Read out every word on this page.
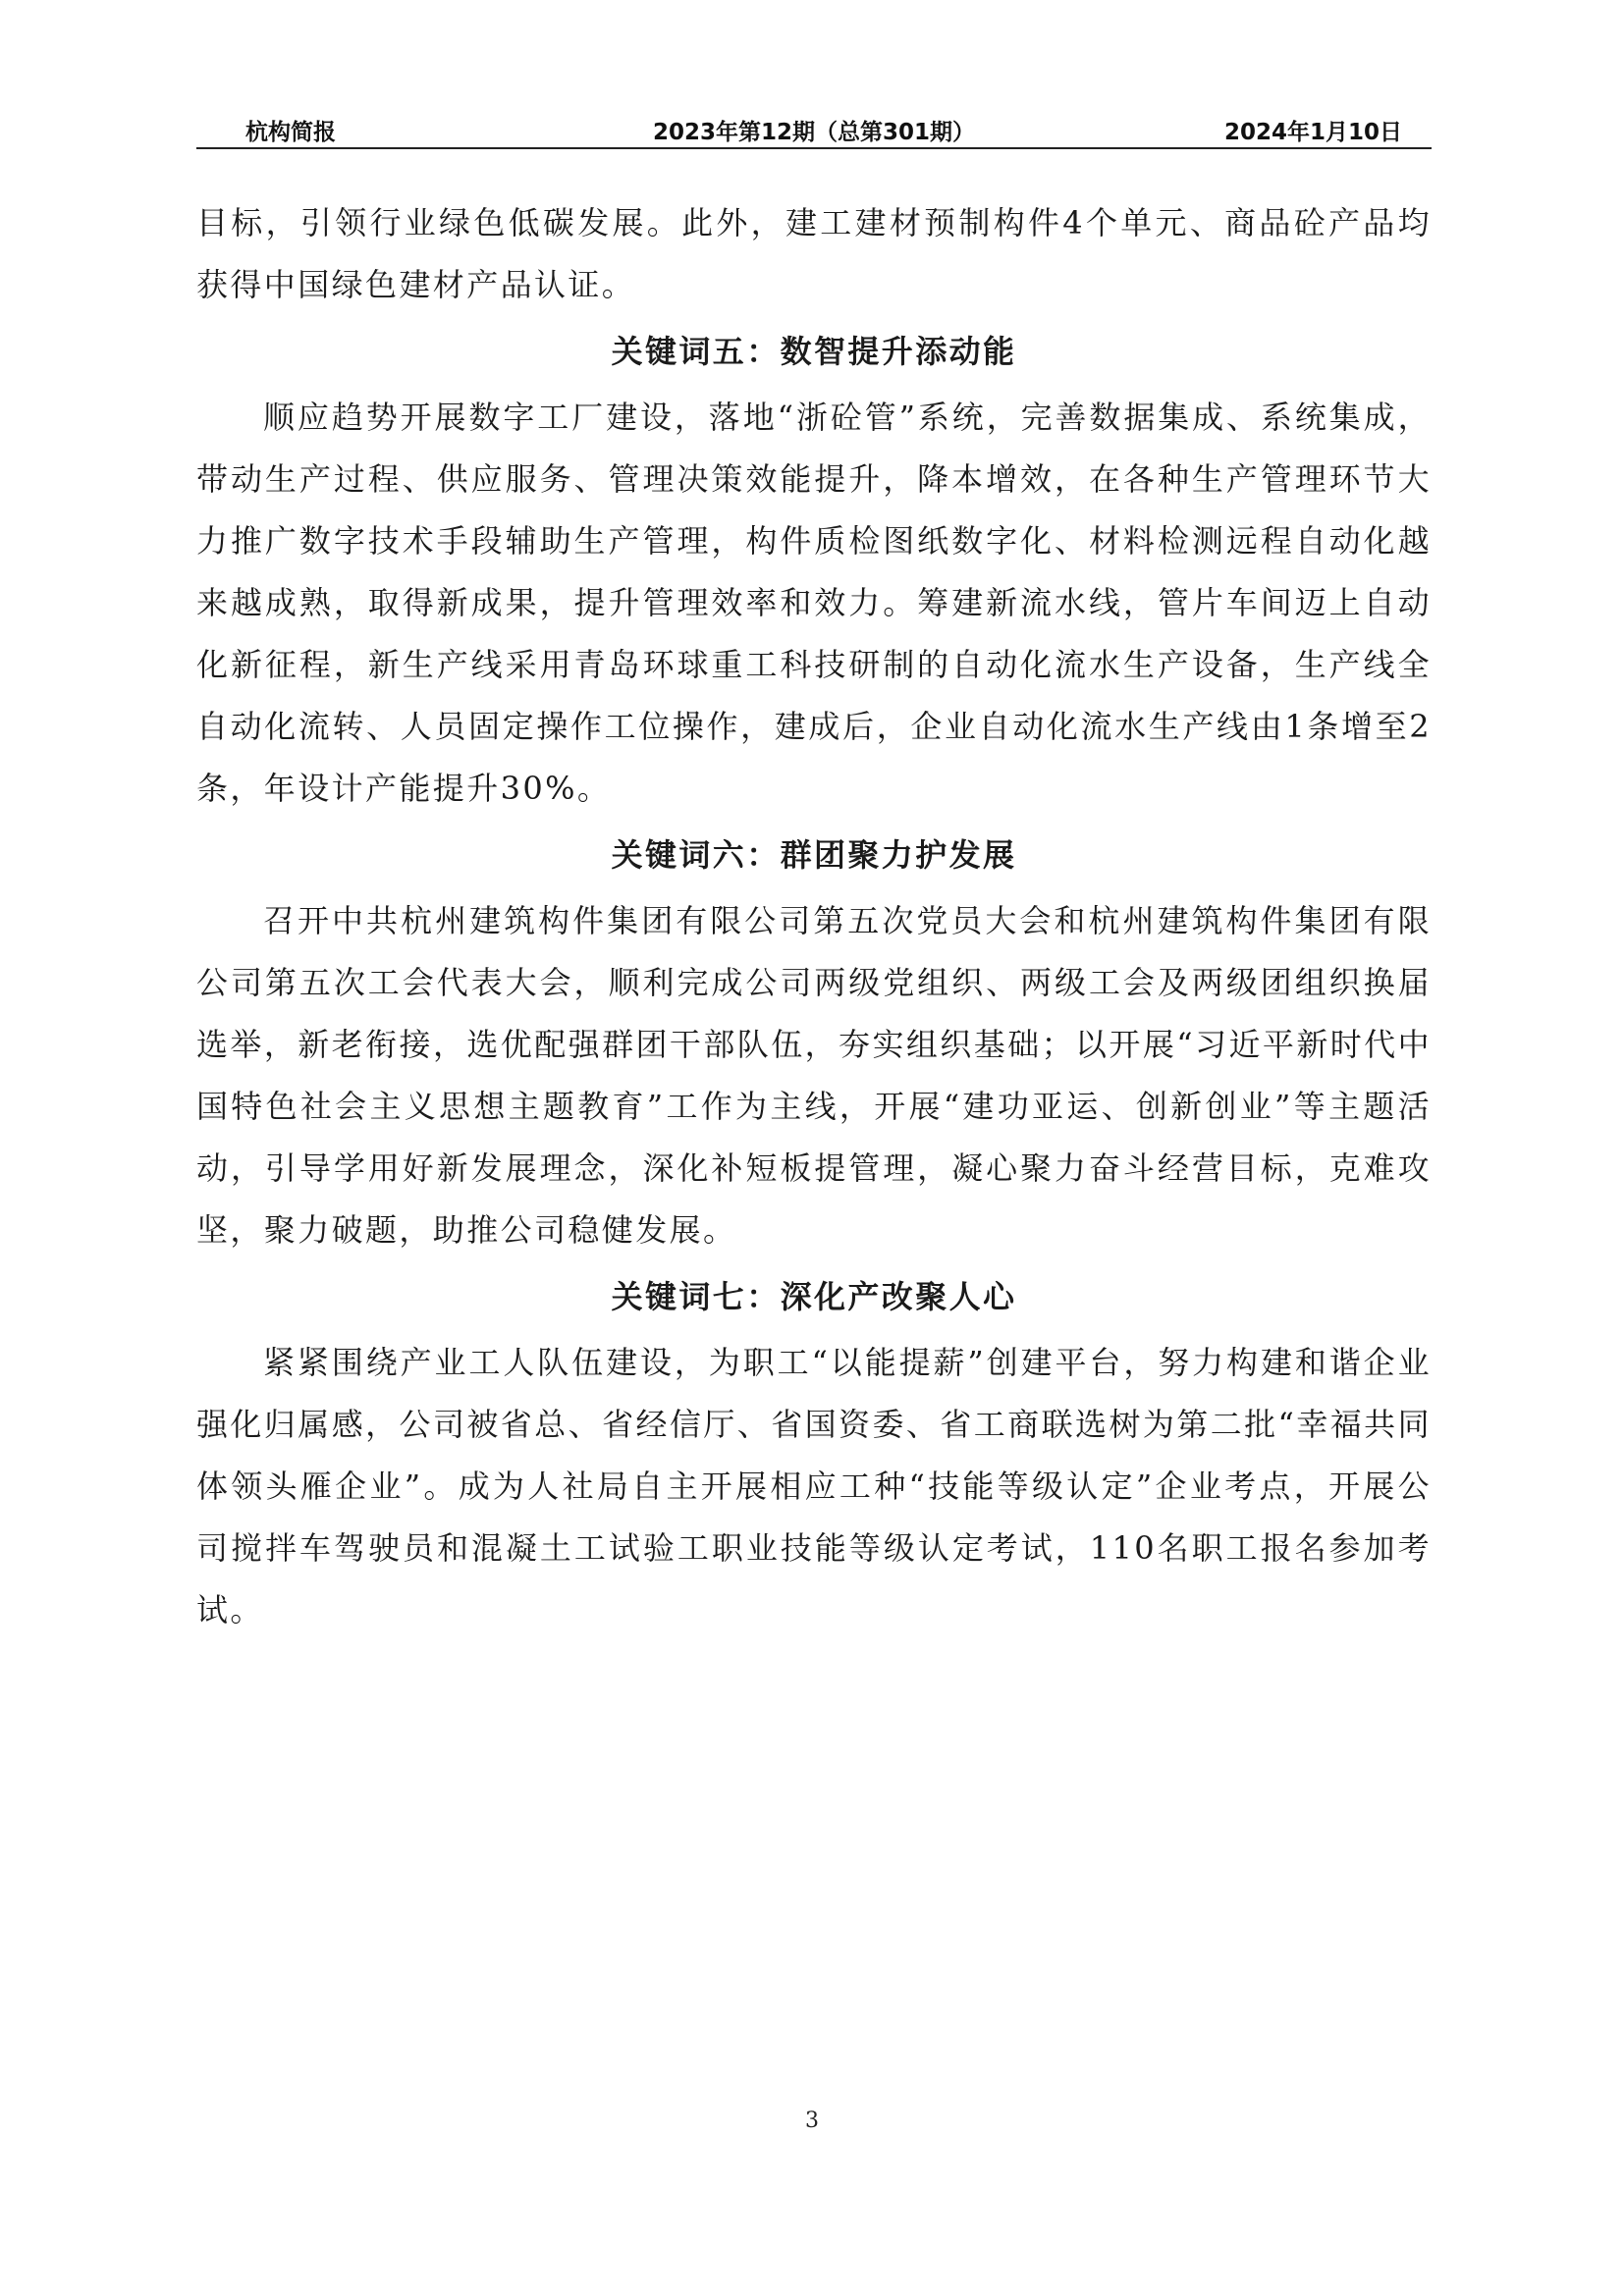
杭构简报	2023年第12期（总第301期）	2024年1月10日

目标，引领行业绿色低碳发展。此外，建工建材预制构件4个单元、商品砼产品均获得中国绿色建材产品认证。

关键词五：数智提升添动能

顺应趋势开展数字工厂建设，落地“浙砼管”系统，完善数据集成、系统集成，带动生产过程、供应服务、管理决策效能提升，降本增效，在各种生产管理环节大力推广数字技术手段辅助生产管理，构件质检图纸数字化、材料检测远程自动化越来越成熟，取得新成果，提升管理效率和效力。筹建新流水线，管片车间迈上自动化新征程，新生产线采用青岛环球重工科技研制的自动化流水生产设备，生产线全自动化流转、人员固定操作工位操作，建成后，企业自动化流水生产线由1条增至2条，年设计产能提升30%。

关键词六：群团聚力护发展

召开中共杭州建筑构件集团有限公司第五次党员大会和杭州建筑构件集团有限公司第五次工会代表大会，顺利完成公司两级党组织、两级工会及两级团组织换届选举，新老衔接，选优配强群团干部队伍，夯实组织基础；以开展“习近平新时代中国特色社会主义思想主题教育”工作为主线，开展“建功亚运、创新创业”等主题活动，引导学用好新发展理念，深化补短板提管理，凝心聚力奋斗经营目标，克难攻坚，聚力破题，助推公司稳健发展。

关键词七：深化产改聚人心

紧紧围绕产业工人队伍建设，为职工“以能提薪”创建平台，努力构建和谐企业强化归属感，公司被省总、省经信厅、省国资委、省工商联选树为第二批“幸福共同体领头雁企业”。成为人社局自主开展相应工种“技能等级认定”企业考点，开展公司搅拌车驾驶员和混凝土工试验工职业技能等级认定考试，110名职工报名参加考试。

3
